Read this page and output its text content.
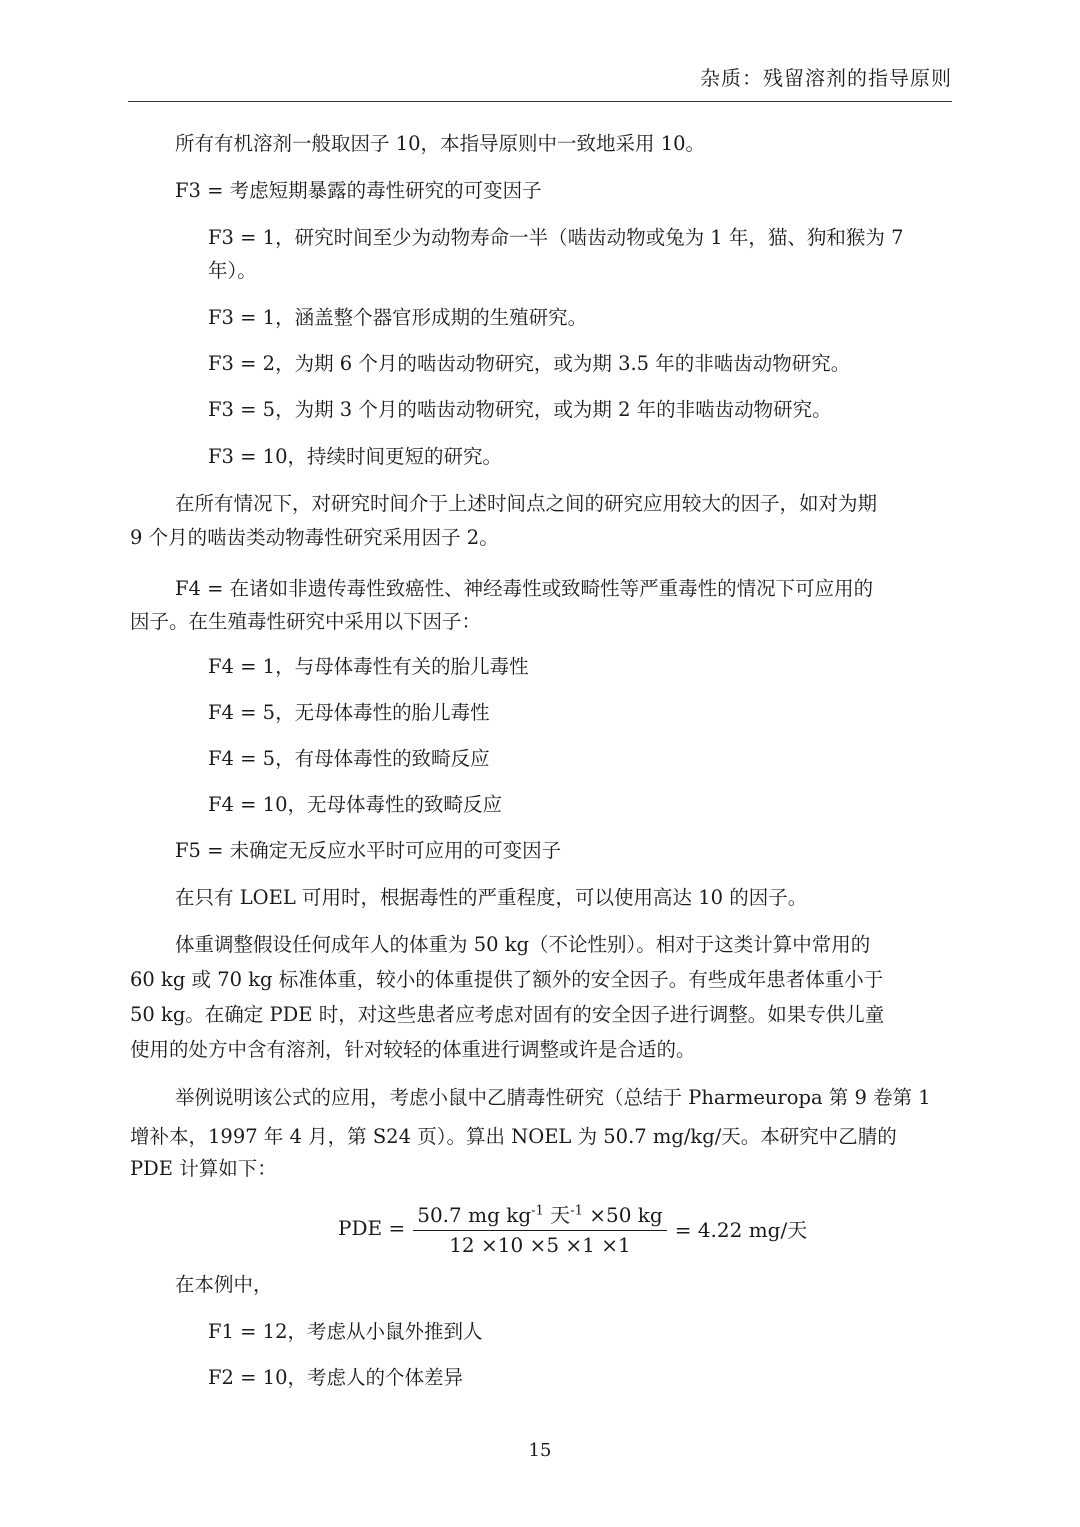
杂质：残留溶剂的指导原则
所有有机溶剂一般取因子 10，本指导原则中一致地采用 10。
F3 = 考虑短期暴露的毒性研究的可变因子
F3 = 1，研究时间至少为动物寿命一半（啮齿动物或兔为 1 年，猫、狗和猴为 7
年）。
F3 = 1，涵盖整个器官形成期的生殖研究。
F3 = 2，为期 6 个月的啮齿动物研究，或为期 3.5 年的非啮齿动物研究。
F3 = 5，为期 3 个月的啮齿动物研究，或为期 2 年的非啮齿动物研究。
F3 = 10，持续时间更短的研究。
在所有情况下，对研究时间介于上述时间点之间的研究应用较大的因子，如对为期
9 个月的啮齿类动物毒性研究采用因子 2。
F4 = 在诸如非遗传毒性致癌性、神经毒性或致畸性等严重毒性的情况下可应用的
因子。在生殖毒性研究中采用以下因子：
F4 = 1，与母体毒性有关的胎儿毒性
F4 = 5，无母体毒性的胎儿毒性
F4 = 5，有母体毒性的致畸反应
F4 = 10，无母体毒性的致畸反应
F5 = 未确定无反应水平时可应用的可变因子
在只有 LOEL 可用时，根据毒性的严重程度，可以使用高达 10 的因子。
体重调整假设任何成年人的体重为 50 kg（不论性别）。相对于这类计算中常用的
60 kg 或 70 kg 标准体重，较小的体重提供了额外的安全因子。有些成年患者体重小于
50 kg。在确定 PDE 时，对这些患者应考虑对固有的安全因子进行调整。如果专供儿童
使用的处方中含有溶剂，针对较轻的体重进行调整或许是合适的。
举例说明该公式的应用，考虑小鼠中乙腈毒性研究（总结于 Pharmeuropa 第 9 卷第 1
增补本，1997 年 4 月，第 S24 页）。算出 NOEL 为 50.7 mg/kg/天。本研究中乙腈的
PDE 计算如下：
PDE = $\frac{50.7 mg kg^{-1} 天^{-1} \times 50 kg}{12 \times 10 \times 5 \times 1 \times 1} = 4.22$ mg/天
在本例中，
F1 = 12，考虑从小鼠外推到人
F2 = 10，考虑人的个体差异
15
